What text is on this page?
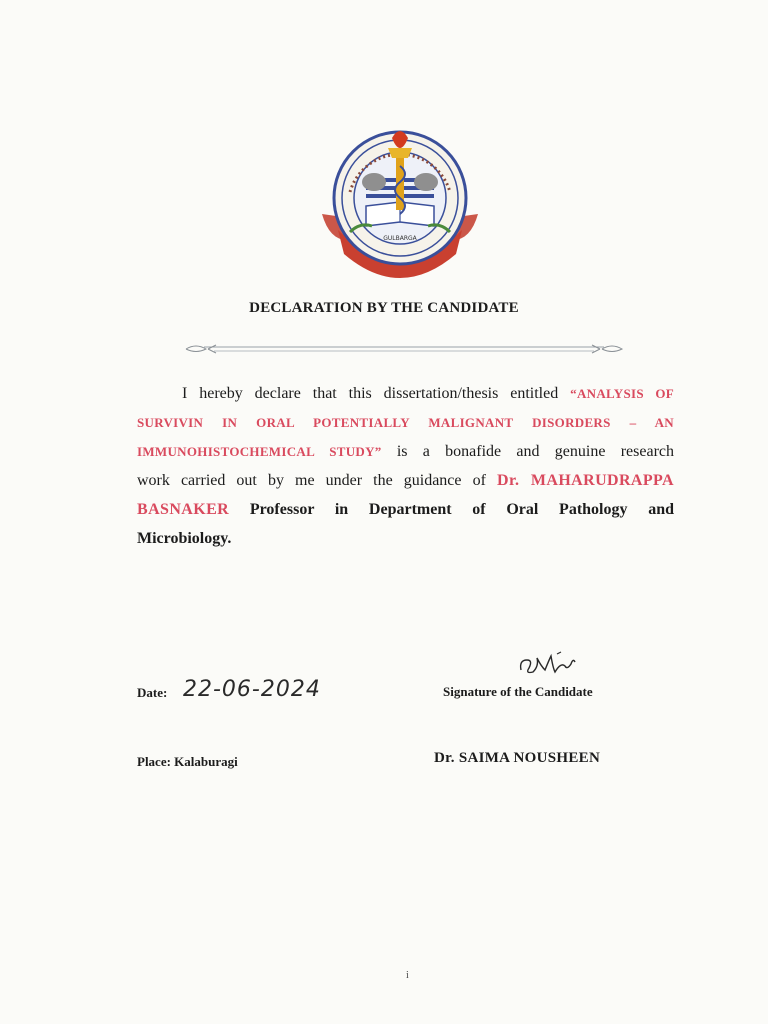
GULBARGA
DECLARATION BY THE CANDIDATE
I hereby declare that this dissertation/thesis entitled “ANALYSIS OF
SURVIVIN IN ORAL POTENTIALLY MALIGNANT DISORDERS – AN
IMMUNOHISTOCHEMICAL STUDY” is a bonafide and genuine research
work carried out by me under the guidance of Dr. MAHARUDRAPPA
BASNAKER Professor in Department of Oral Pathology and
Microbiology.
Date: 22-06-2024	Signature of the Candidate
Place: Kalaburagi	Dr. SAIMA NOUSHEEN
i
